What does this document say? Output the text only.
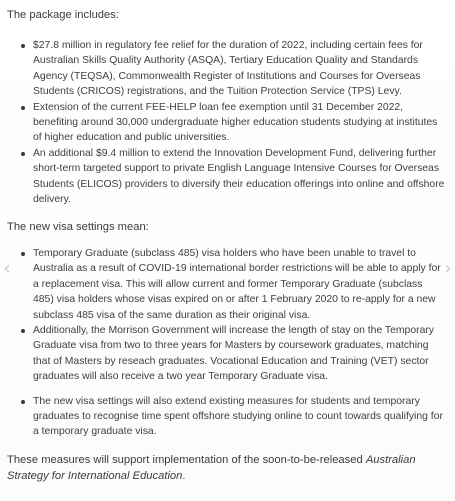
The package includes:

$27.8 million in regulatory fee relief for the duration of 2022, including certain fees for Australian Skills Quality Authority (ASQA), Tertiary Education Quality and Standards Agency (TEQSA), Commonwealth Register of Institutions and Courses for Overseas Students (CRICOS) registrations, and the Tuition Protection Service (TPS) Levy.
Extension of the current FEE-HELP loan fee exemption until 31 December 2022, benefiting around 30,000 undergraduate higher education students studying at institutes of higher education and public universities.
An additional $9.4 million to extend the Innovation Development Fund, delivering further short-term targeted support to private English Language Intensive Courses for Overseas Students (ELICOS) providers to diversify their education offerings into online and offshore delivery.

The new visa settings mean:

Temporary Graduate (subclass 485) visa holders who have been unable to travel to Australia as a result of COVID-19 international border restrictions will be able to apply for a replacement visa. This will allow current and former Temporary Graduate (subclass 485) visa holders whose visas expired on or after 1 February 2020 to re-apply for a new subclass 485 visa of the same duration as their original visa.
Additionally, the Morrison Government will increase the length of stay on the Temporary Graduate visa from two to three years for Masters by coursework graduates, matching that of Masters by reseach graduates. Vocational Education and Training (VET) sector graduates will also receive a two year Temporary Graduate visa.
The new visa settings will also extend existing measures for students and temporary graduates to recognise time spent offshore studying online to count towards qualifying for a temporary graduate visa.

These measures will support implementation of the soon-to-be-released Australian Strategy for International Education.

‹	›
